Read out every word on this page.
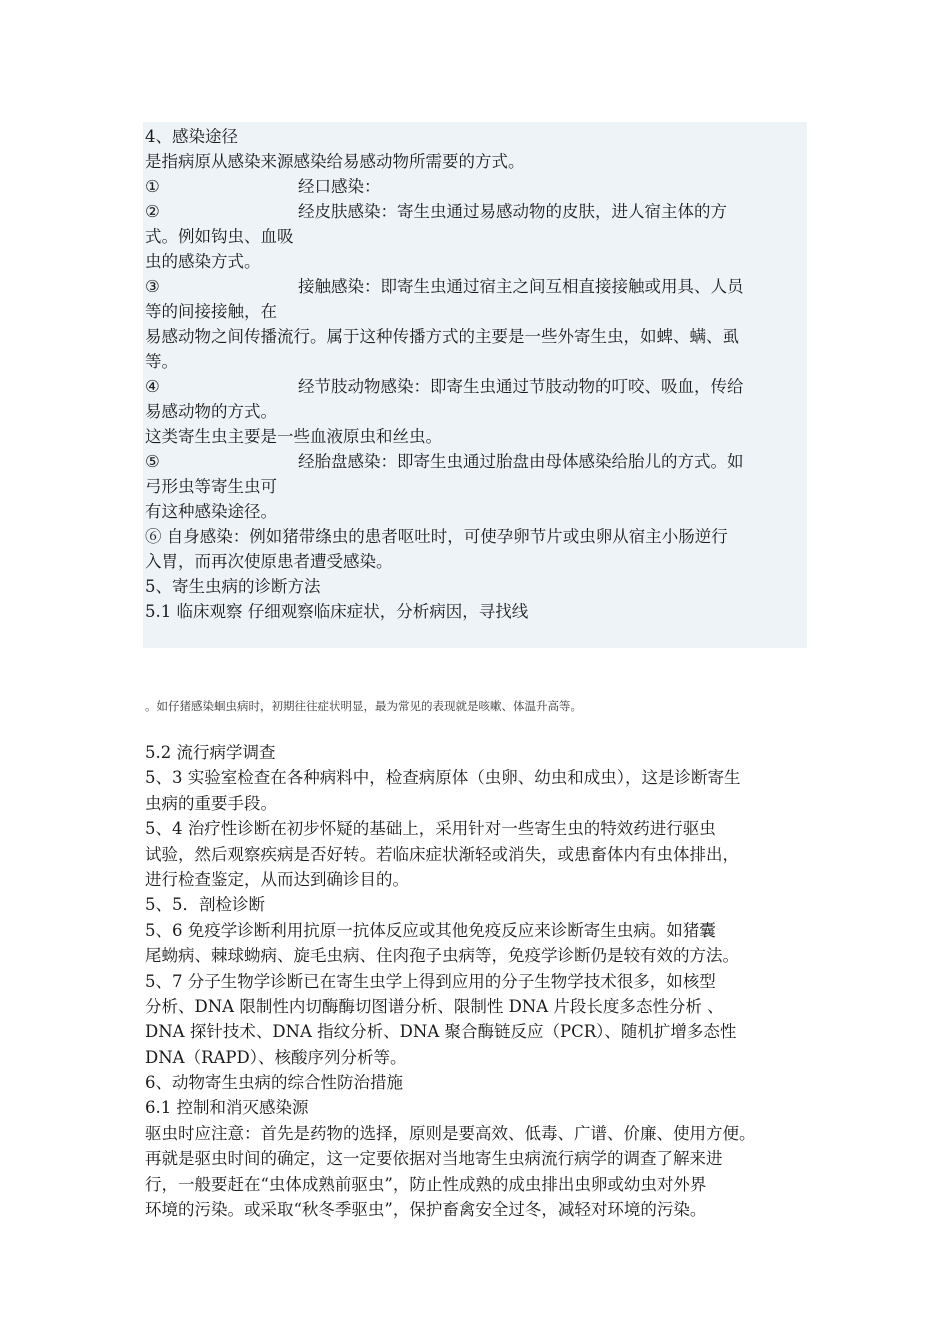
4、感染途径
是指病原从感染来源感染给易感动物所需要的方式。
①	经口感染：
②	经皮肤感染：寄生虫通过易感动物的皮肤，进人宿主体的方
式。例如钩虫、血吸
虫的感染方式。
③	接触感染：即寄生虫通过宿主之间互相直接接触或用具、人员
等的间接接触，在
易感动物之间传播流行。属于这种传播方式的主要是一些外寄生虫，如蜱、螨、虱
等。
④	经节肢动物感染：即寄生虫通过节肢动物的叮咬、吸血，传给
易感动物的方式。
这类寄生虫主要是一些血液原虫和丝虫。
⑤	经胎盘感染：即寄生虫通过胎盘由母体感染给胎儿的方式。如
弓形虫等寄生虫可
有这种感染途径。
⑥ 自身感染：例如猪带绦虫的患者呕吐时，可使孕卵节片或虫卵从宿主小肠逆行
入胃，而再次使原患者遭受感染。
5、寄生虫病的诊断方法
5.1 临床观察 仔细观察临床症状，分析病因，寻找线
。如仔猪感染蛔虫病时，初期往往症状明显，最为常见的表现就是咳嗽、体温升高等。
5.2 流行病学调查
5、3 实验室检查在各种病料中，检查病原体（虫卵、幼虫和成虫），这是诊断寄生
虫病的重要手段。
5、4 治疗性诊断在初步怀疑的基础上，采用针对一些寄生虫的特效药进行驱虫
试验，然后观察疾病是否好转。若临床症状渐轻或消失，或患畜体内有虫体排出，
进行检查鉴定，从而达到确诊目的。
5、5．剖检诊断
5、6 免疫学诊断利用抗原一抗体反应或其他免疫反应来诊断寄生虫病。如猪囊
尾蚴病、棘球蚴病、旋毛虫病、住肉孢子虫病等，免疫学诊断仍是较有效的方法。
5、7 分子生物学诊断已在寄生虫学上得到应用的分子生物学技术很多，如核型
分析、DNA 限制性内切酶酶切图谱分析、限制性 DNA 片段长度多态性分析 、
DNA 探针技术、DNA 指纹分析、DNA 聚合酶链反应（PCR）、随机扩增多态性
DNA（RAPD）、核酸序列分析等。
6、动物寄生虫病的综合性防治措施
6.1 控制和消灭感染源
驱虫时应注意：首先是药物的选择，原则是要高效、低毒、广谱、价廉、使用方便。
再就是驱虫时间的确定，这一定要依据对当地寄生虫病流行病学的调查了解来进
行，一般要赶在“虫体成熟前驱虫”，防止性成熟的成虫排出虫卵或幼虫对外界
环境的污染。或采取“秋冬季驱虫”，保护畜禽安全过冬，减轻对环境的污染。
